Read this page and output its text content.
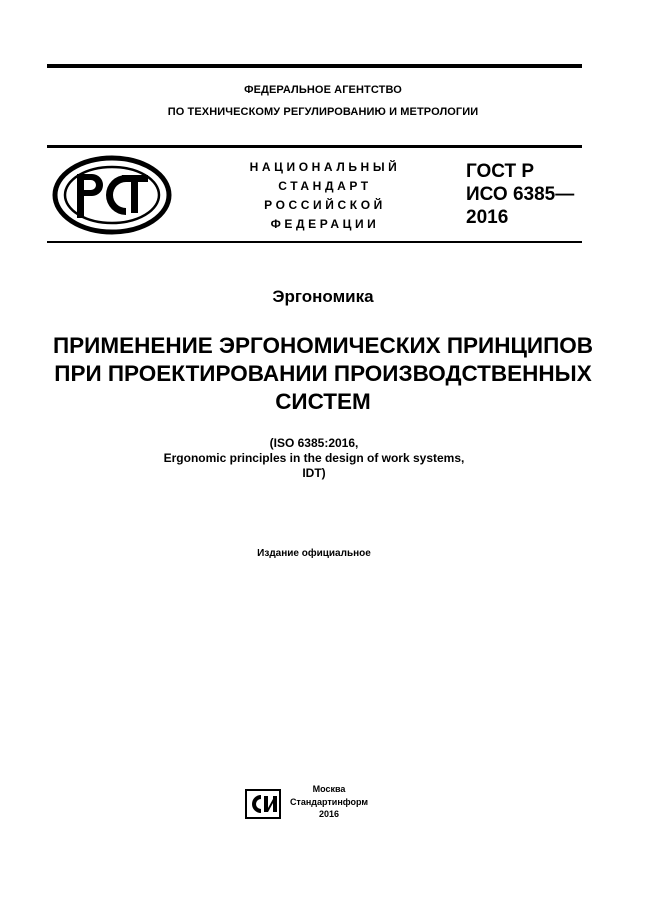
ФЕДЕРАЛЬНОЕ АГЕНТСТВО
ПО ТЕХНИЧЕСКОМУ РЕГУЛИРОВАНИЮ И МЕТРОЛОГИИ
НАЦИОНАЛЬНЫЙ
СТАНДАРТ
РОССИЙСКОЙ
ФЕДЕРАЦИИ
ГОСТ Р
ИСО 6385—
2016
Эргономика
ПРИМЕНЕНИЕ ЭРГОНОМИЧЕСКИХ ПРИНЦИПОВ
ПРИ ПРОЕКТИРОВАНИИ ПРОИЗВОДСТВЕННЫХ
СИСТЕМ
(ISO 6385:2016,
Ergonomic principles in the design of work systems,
IDT)
Издание официальное
Москва
Стандартинформ
2016
